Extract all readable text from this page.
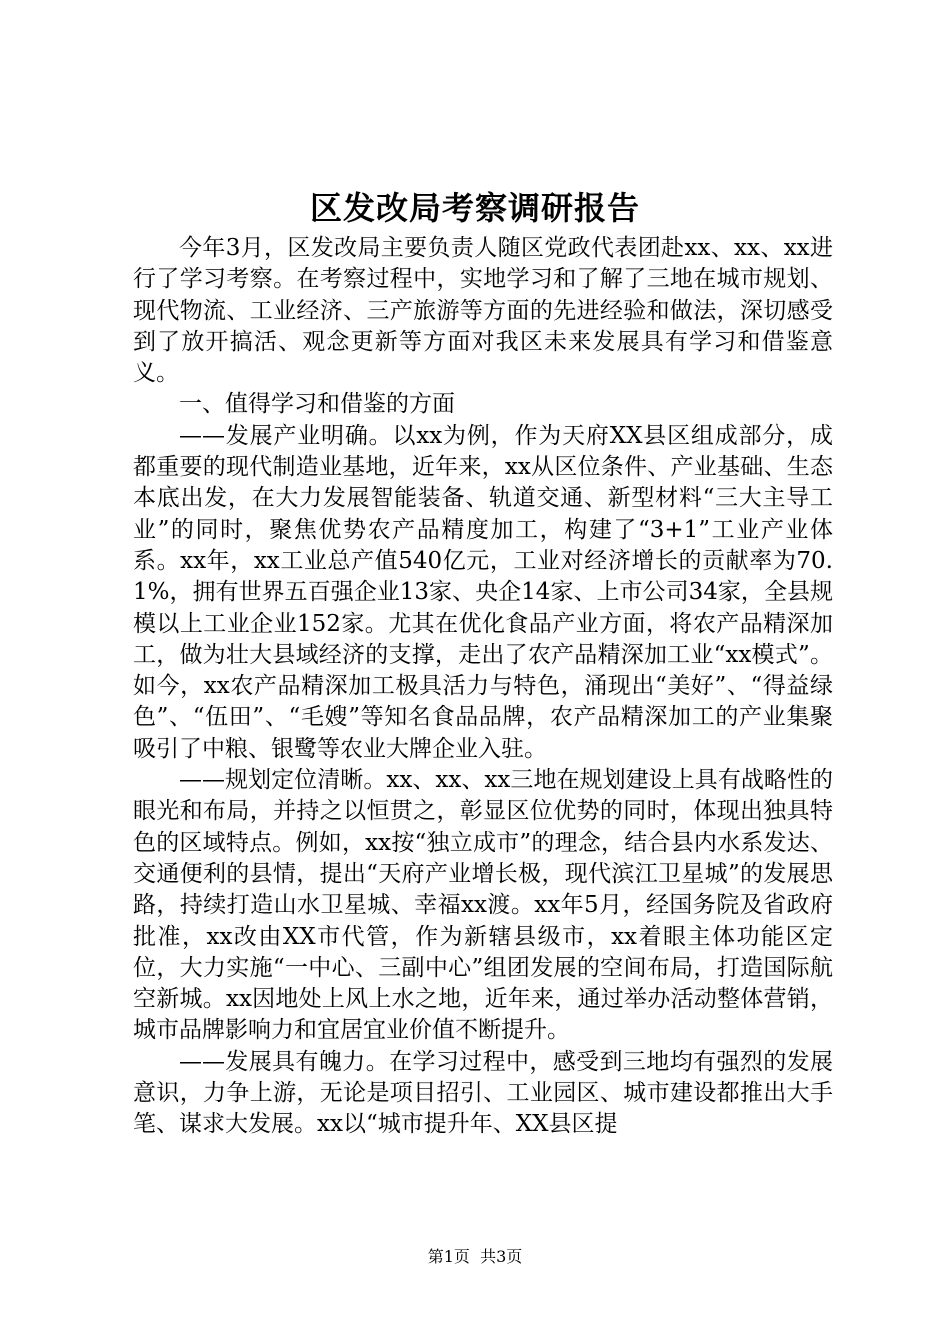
区发改局考察调研报告

今年3月，区发改局主要负责人随区党政代表团赴xx、xx、xx进行了学习考察。在考察过程中，实地学习和了解了三地在城市规划、现代物流、工业经济、三产旅游等方面的先进经验和做法，深切感受到了放开搞活、观念更新等方面对我区未来发展具有学习和借鉴意义。

一、值得学习和借鉴的方面

——发展产业明确。以xx为例，作为天府XX县区组成部分，成都重要的现代制造业基地，近年来，xx从区位条件、产业基础、生态本底出发，在大力发展智能装备、轨道交通、新型材料“三大主导工业”的同时，聚焦优势农产品精度加工，构建了“3+1”工业产业体系。xx年，xx工业总产值540亿元，工业对经济增长的贡献率为70.1%，拥有世界五百强企业13家、央企14家、上市公司34家，全县规模以上工业企业152家。尤其在优化食品产业方面，将农产品精深加工，做为壮大县域经济的支撑，走出了农产品精深加工业“xx模式”。如今，xx农产品精深加工极具活力与特色，涌现出“美好”、“得益绿色”、“伍田”、“毛嫂”等知名食品品牌，农产品精深加工的产业集聚吸引了中粮、银鹭等农业大牌企业入驻。

——规划定位清晰。xx、xx、xx三地在规划建设上具有战略性的眼光和布局，并持之以恒贯之，彰显区位优势的同时，体现出独具特色的区域特点。例如，xx按“独立成市”的理念，结合县内水系发达、交通便利的县情，提出“天府产业增长极，现代滨江卫星城”的发展思路，持续打造山水卫星城、幸福xx渡。xx年5月，经国务院及省政府批准，xx改由XX市代管，作为新辖县级市，xx着眼主体功能区定位，大力实施“一中心、三副中心”组团发展的空间布局，打造国际航空新城。xx因地处上风上水之地，近年来，通过举办活动整体营销，城市品牌影响力和宜居宜业价值不断提升。

——发展具有魄力。在学习过程中，感受到三地均有强烈的发展意识，力争上游，无论是项目招引、工业园区、城市建设都推出大手笔、谋求大发展。xx以“城市提升年、XX县区提

第1页 共3页
